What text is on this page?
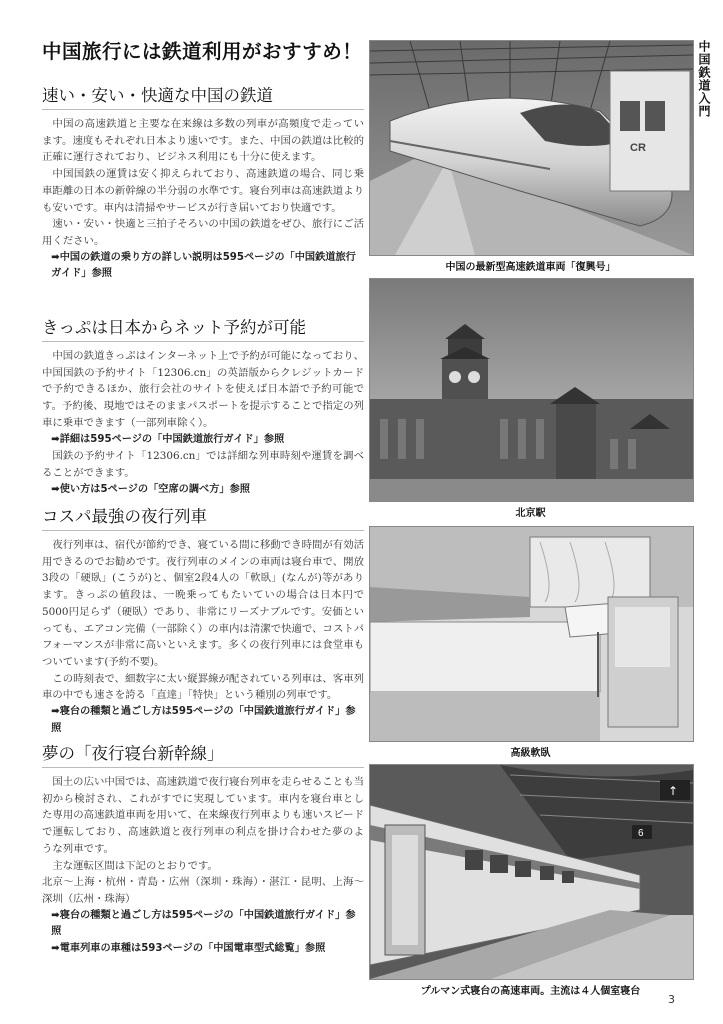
中国旅行には鉄道利用がおすすめ！	中国鉄道入門
速い・安い・快適な中国の鉄道

中国の高速鉄道と主要な在来線は多数の列車が高頻度で走っています。速度もそれぞれ日本より速いです。また、中国の鉄道は比較的正確に運行されており、ビジネス利用にも十分に使えます。

中国国鉄の運賃は安く抑えられており、高速鉄道の場合、同じ乗車距離の日本の新幹線の半分弱の水準です。寝台列車は高速鉄道よりも安いです。車内は清掃やサービスが行き届いており快適です。

速い・安い・快適と三拍子そろいの中国の鉄道をぜひ、旅行にご活用ください。

➡中国の鉄道の乗り方の詳しい説明は595ページの「中国鉄道旅行ガイド」参照

きっぷは日本からネット予約が可能

中国の鉄道きっぷはインターネット上で予約が可能になっており、中国国鉄の予約サイト「12306.cn」の英語版からクレジットカードで予約できるほか、旅行会社のサイトを使えば日本語で予約可能です。予約後、現地ではそのままパスポートを提示することで指定の列車に乗車できます（一部列車除く）。

➡詳細は595ページの「中国鉄道旅行ガイド」参照

国鉄の予約サイト「12306.cn」では詳細な列車時刻や運賃を調べることができます。

➡使い方は5ページの「空席の調べ方」参照

コスパ最強の夜行列車

夜行列車は、宿代が節約でき、寝ている間に移動でき時間が有効活用できるのでお勧めです。夜行列車のメインの車両は寝台車で、開放3段の「硬臥」(こうが)と、個室2段4人の「軟臥」(なんが)等があります。きっぷの値段は、一晩乗ってもたいていの場合は日本円で5000円足らず（硬臥）であり、非常にリーズナブルです。安価といっても、エアコン完備（一部除く）の車内は清潔で快適で、コストパフォーマンスが非常に高いといえます。多くの夜行列車には食堂車もついています(予約不要)。

この時刻表で、細数字に太い縦罫線が配されている列車は、客車列車の中でも速さを誇る「直達」「特快」という種別の列車です。

➡寝台の種類と過ごし方は595ページの「中国鉄道旅行ガイド」参照

夢の「夜行寝台新幹線」

国土の広い中国では、高速鉄道で夜行寝台列車を走らせることも当初から検討され、これがすでに実現しています。車内を寝台車とした専用の高速鉄道車両を用いて、在来線夜行列車よりも速いスピードで運転しており、高速鉄道と夜行列車の利点を掛け合わせた夢のような列車です。

主な運転区間は下記のとおりです。

北京〜上海・杭州・青島・広州（深圳・珠海）・湛江・昆明、上海〜深圳（広州・珠海）

➡寝台の種類と過ごし方は595ページの「中国鉄道旅行ガイド」参照

➡電車列車の車種は593ページの「中国電車型式総覧」参照

CR
中国の最新型高速鉄道車両「復興号」
北京駅
高級軟臥
↑
6
プルマン式寝台の高速車両。主流は４人個室寝台
3
